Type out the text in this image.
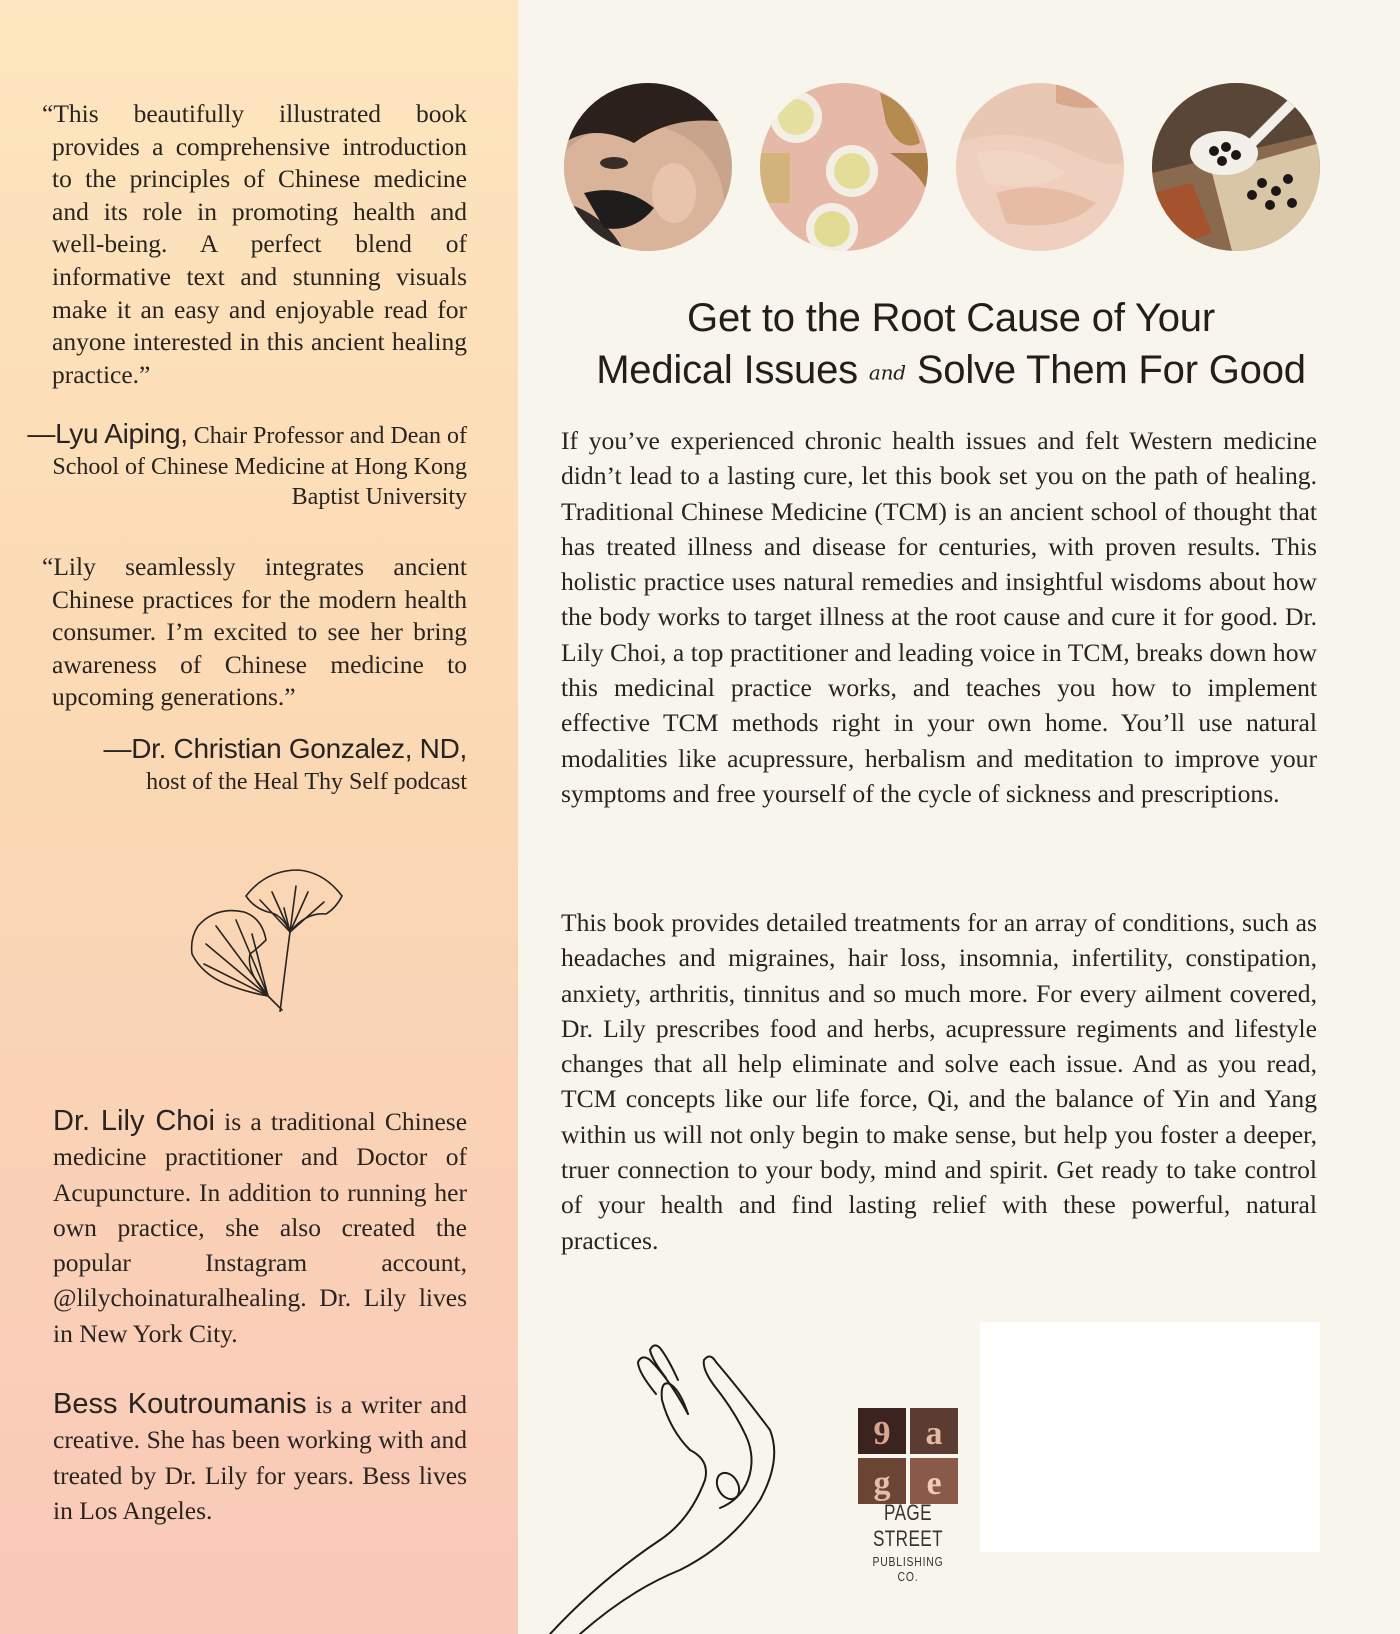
“This beautifully illustrated book provides a comprehensive introduction to the principles of Chinese medicine and its role in promoting health and well-being. A perfect blend of informative text and stunning visuals make it an easy and enjoyable read for anyone interested in this ancient healing practice.”
—Lyu Aiping, Chair Professor and Dean of School of Chinese Medicine at Hong Kong Baptist University
“Lily seamlessly integrates ancient Chinese practices for the modern health consumer. I’m excited to see her bring awareness of Chinese medicine to upcoming generations.”
—Dr. Christian Gonzalez, ND,
host of the Heal Thy Self podcast
Dr. Lily Choi is a traditional Chinese medicine practitioner and Doctor of Acupuncture. In addition to running her own practice, she also created the popular Instagram account, @lilychoinaturalhealing. Dr. Lily lives in New York City.
Bess Koutroumanis is a writer and creative. She has been working with and treated by Dr. Lily for years. Bess lives in Los Angeles.
Get to the Root Cause of Your
Medical Issues and Solve Them For Good
If you’ve experienced chronic health issues and felt Western medicine didn’t lead to a lasting cure, let this book set you on the path of healing. Traditional Chinese Medicine (TCM) is an ancient school of thought that has treated illness and disease for centuries, with proven results. This holistic practice uses natural remedies and insightful wisdoms about how the body works to target illness at the root cause and cure it for good. Dr. Lily Choi, a top practitioner and leading voice in TCM, breaks down how this medicinal practice works, and teaches you how to implement effective TCM methods right in your own home. You’ll use natural modalities like acupressure, herbalism and meditation to improve your symptoms and free yourself of the cycle of sickness and prescriptions.
This book provides detailed treatments for an array of conditions, such as headaches and migraines, hair loss, insomnia, infertility, constipation, anxiety, arthritis, tinnitus and so much more. For every ailment covered, Dr. Lily prescribes food and herbs, acupressure regiments and lifestyle changes that all help eliminate and solve each issue. And as you read, TCM concepts like our life force, Qi, and the balance of Yin and Yang within us will not only begin to make sense, but help you foster a deeper, truer connection to your body, mind and spirit. Get ready to take control of your health and find lasting relief with these powerful, natural practices.
9 a
g e
PAGE STREET
PUBLISHING CO.
